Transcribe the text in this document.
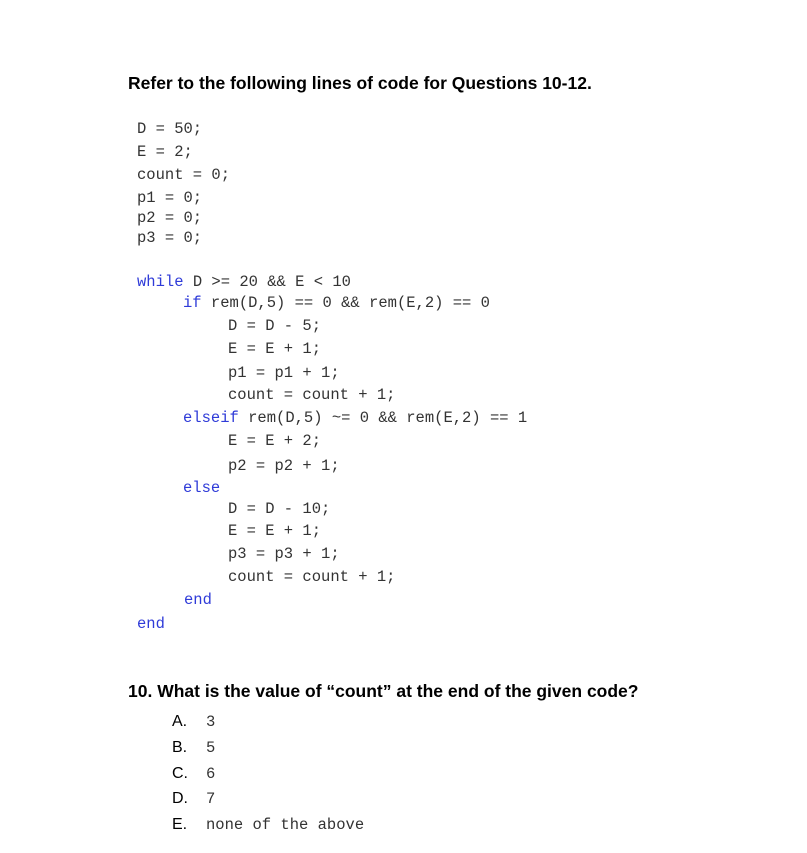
Refer to the following lines of code for Questions 10-12.

D = 50;
E = 2;
count = 0;
p1 = 0;
p2 = 0;
p3 = 0;
while D >= 20 && E < 10
if rem(D,5) == 0 && rem(E,2) == 0
D = D - 5;
E = E + 1;
p1 = p1 + 1;
count = count + 1;
elseif rem(D,5) ~= 0 && rem(E,2) == 1
E = E + 2;
p2 = p2 + 1;
else
D = D - 10;
E = E + 1;
p3 = p3 + 1;
count = count + 1;
end
end

10. What is the value of “count” at the end of the given code?

A. 3
B. 5
C. 6
D. 7
E. none of the above
